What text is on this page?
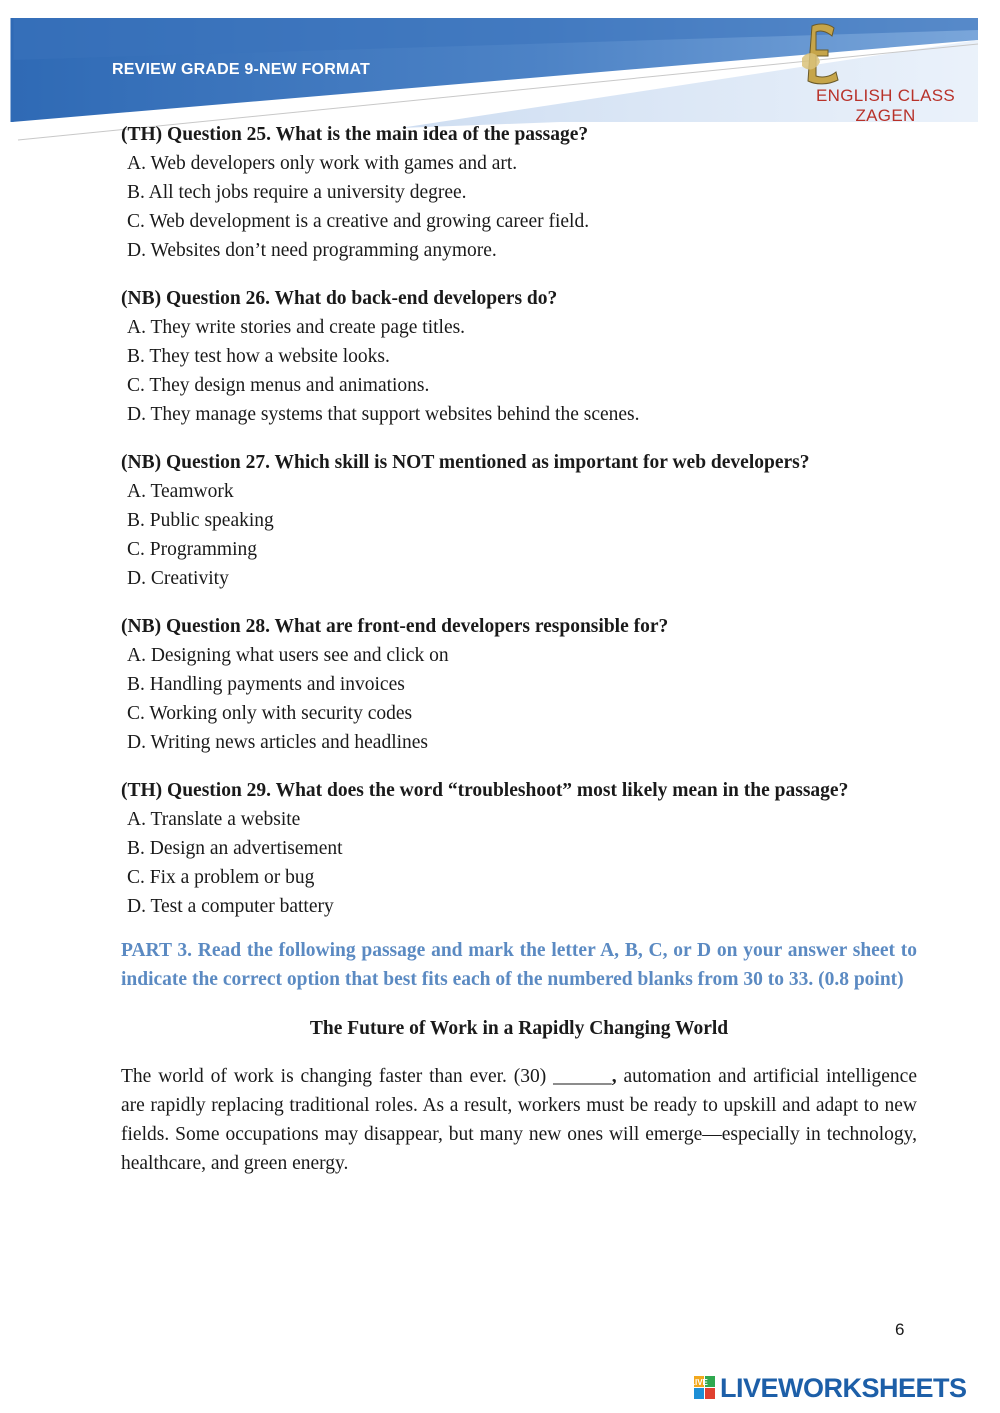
REVIEW GRADE 9-NEW FORMAT
ENGLISH CLASS ZAGEN
(TH) Question 25. What is the main idea of the passage?
A. Web developers only work with games and art.
B. All tech jobs require a university degree.
C. Web development is a creative and growing career field.
D. Websites don’t need programming anymore.
(NB) Question 26. What do back-end developers do?
A. They write stories and create page titles.
B. They test how a website looks.
C. They design menus and animations.
D. They manage systems that support websites behind the scenes.
(NB) Question 27. Which skill is NOT mentioned as important for web developers?
A. Teamwork
B. Public speaking
C. Programming
D. Creativity
(NB) Question 28. What are front-end developers responsible for?
A. Designing what users see and click on
B. Handling payments and invoices
C. Working only with security codes
D. Writing news articles and headlines
(TH) Question 29. What does the word “troubleshoot” most likely mean in the passage?
A. Translate a website
B. Design an advertisement
C. Fix a problem or bug
D. Test a computer battery
PART 3. Read the following passage and mark the letter A, B, C, or D on your answer sheet to indicate the correct option that best fits each of the numbered blanks from 30 to 33. (0.8 point)
The Future of Work in a Rapidly Changing World
The world of work is changing faster than ever. (30) ______, automation and artificial intelligence are rapidly replacing traditional roles. As a result, workers must be ready to upskill and adapt to new fields. Some occupations may disappear, but many new ones will emerge—especially in technology, healthcare, and green energy.
6
LIVE LIVEWORKSHEETS
